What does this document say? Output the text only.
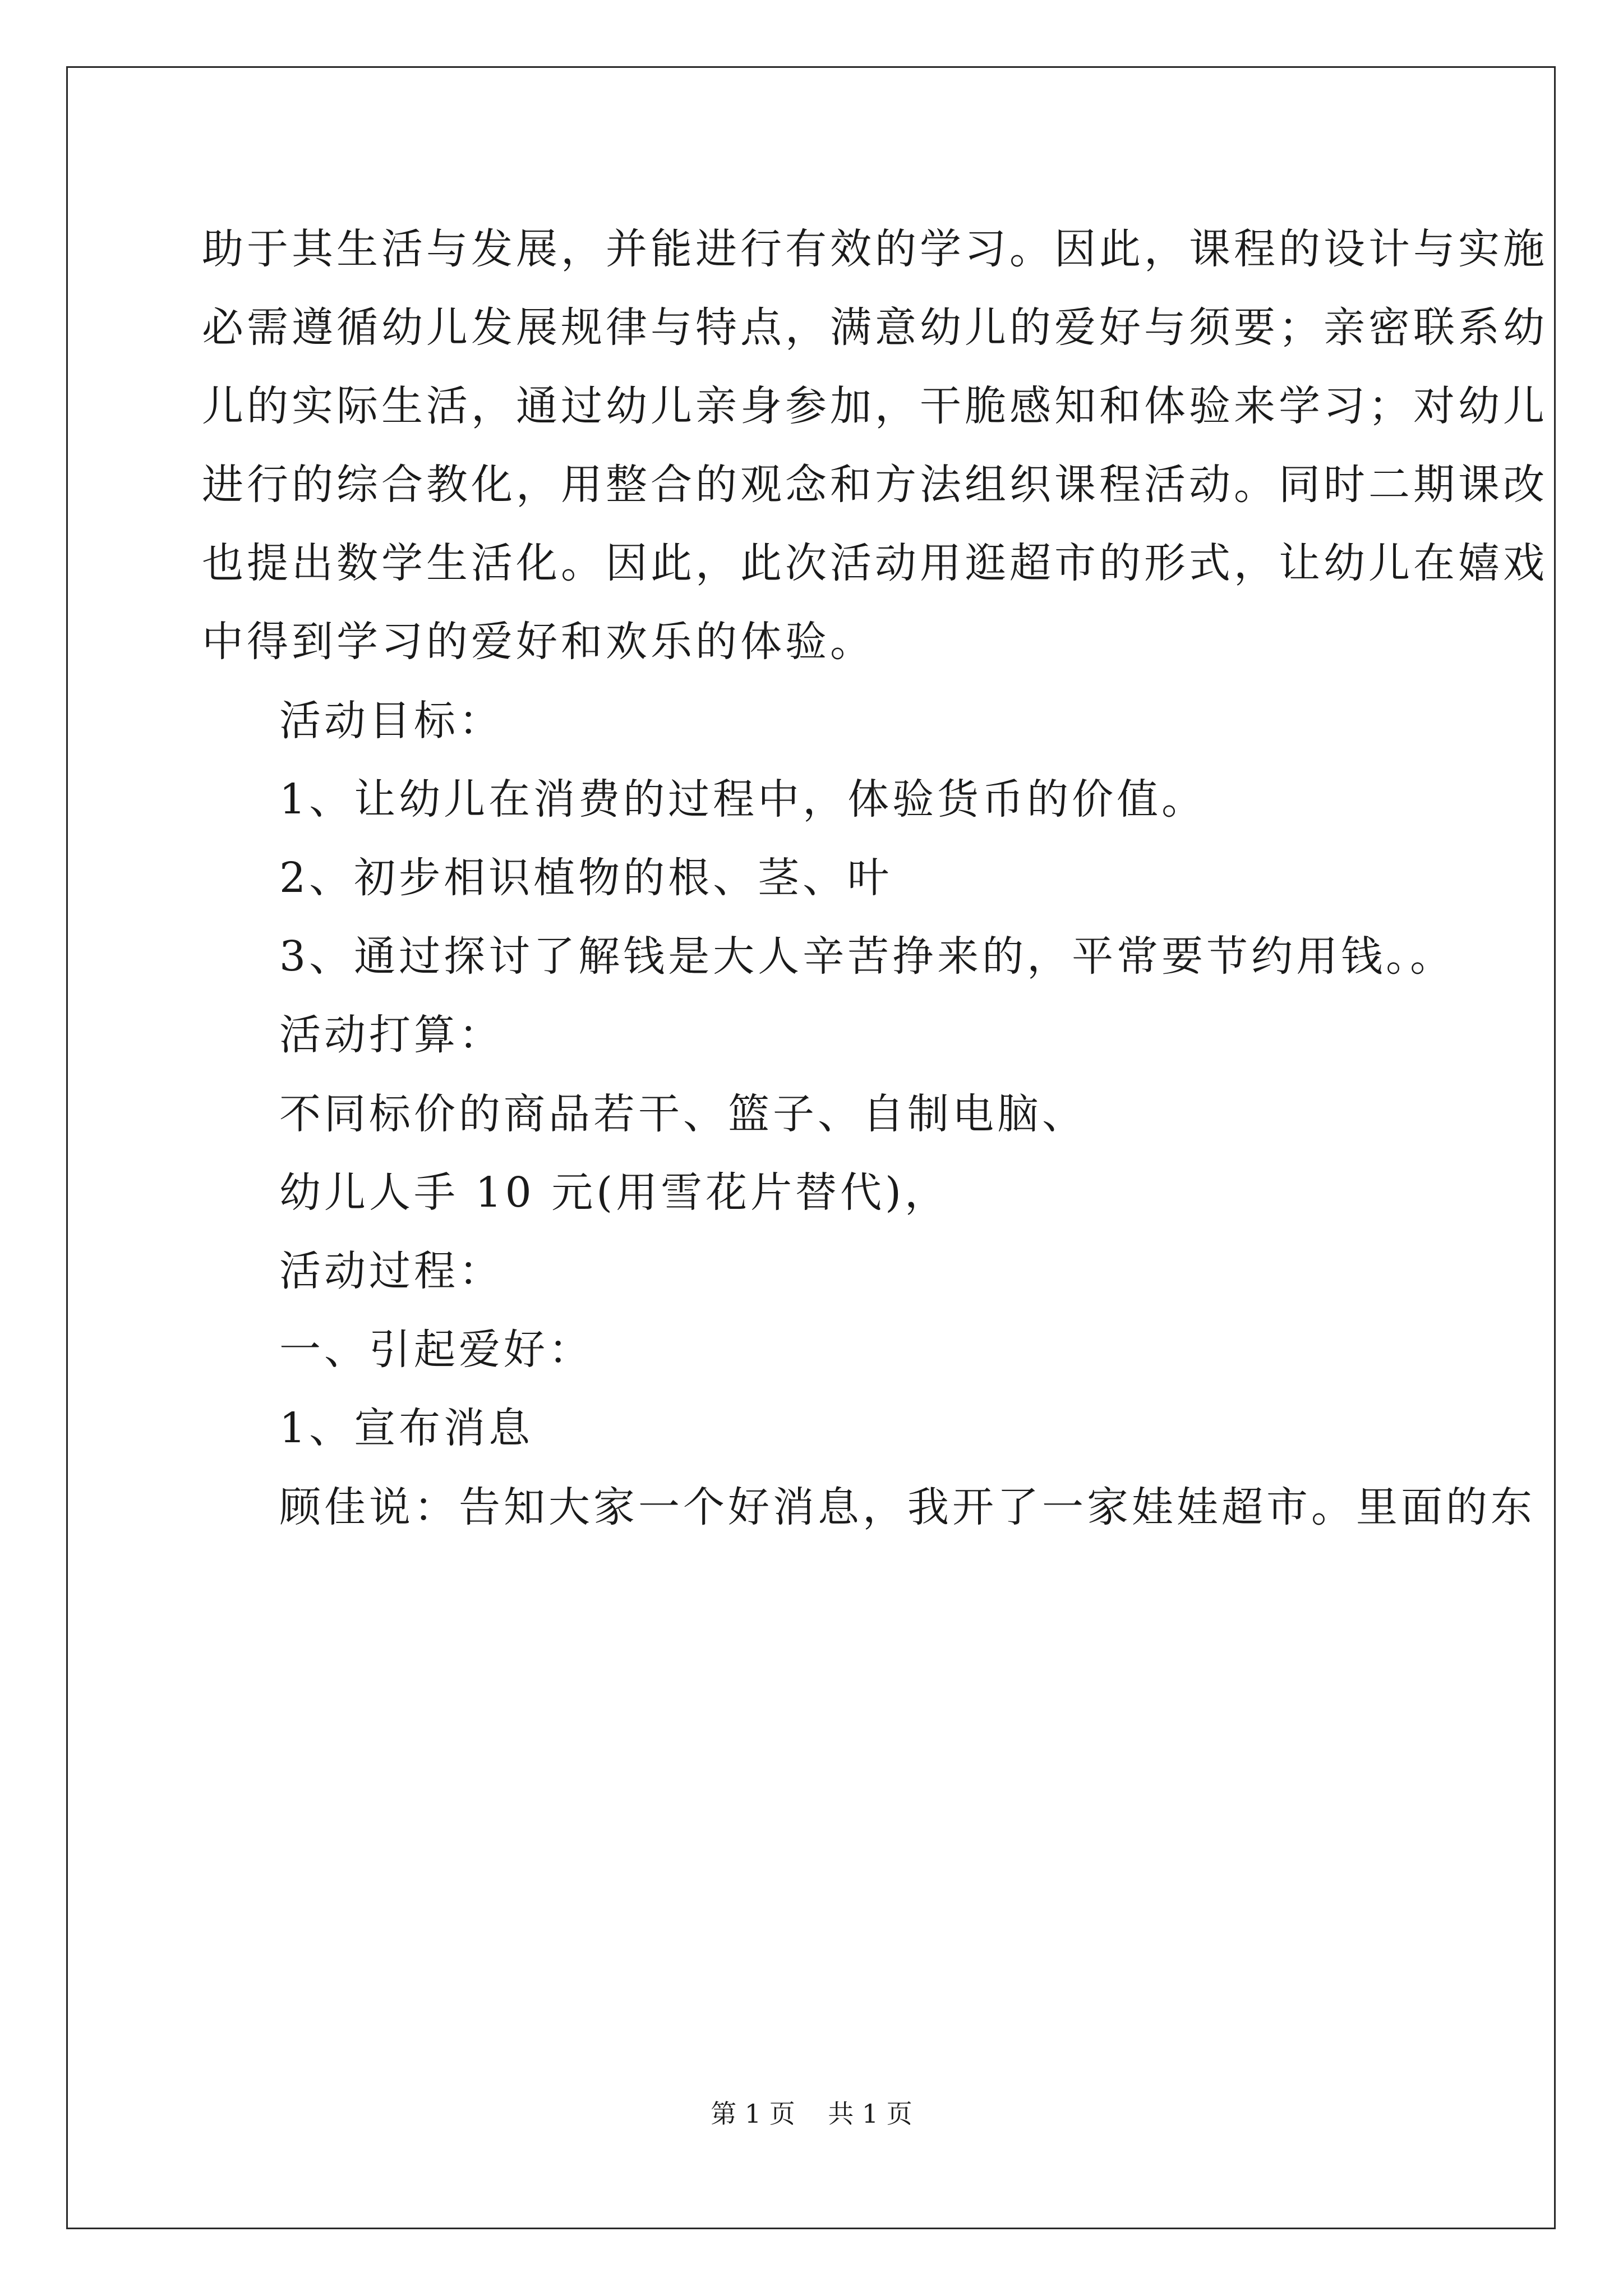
助于其生活与发展，并能进行有效的学习。因此，课程的设计与实施
必需遵循幼儿发展规律与特点，满意幼儿的爱好与须要；亲密联系幼
儿的实际生活，通过幼儿亲身参加，干脆感知和体验来学习；对幼儿
进行的综合教化，用整合的观念和方法组织课程活动。同时二期课改
也提出数学生活化。因此，此次活动用逛超市的形式，让幼儿在嬉戏
中得到学习的爱好和欢乐的体验。
活动目标：
1、让幼儿在消费的过程中，体验货币的价值。
2、初步相识植物的根、茎、叶
3、通过探讨了解钱是大人辛苦挣来的，平常要节约用钱。。
活动打算：
不同标价的商品若干、篮子、自制电脑、
幼儿人手 10 元(用雪花片替代)，
活动过程：
一、引起爱好：
1、宣布消息
顾佳说：告知大家一个好消息，我开了一家娃娃超市。里面的东
第 1 页    共 1 页
